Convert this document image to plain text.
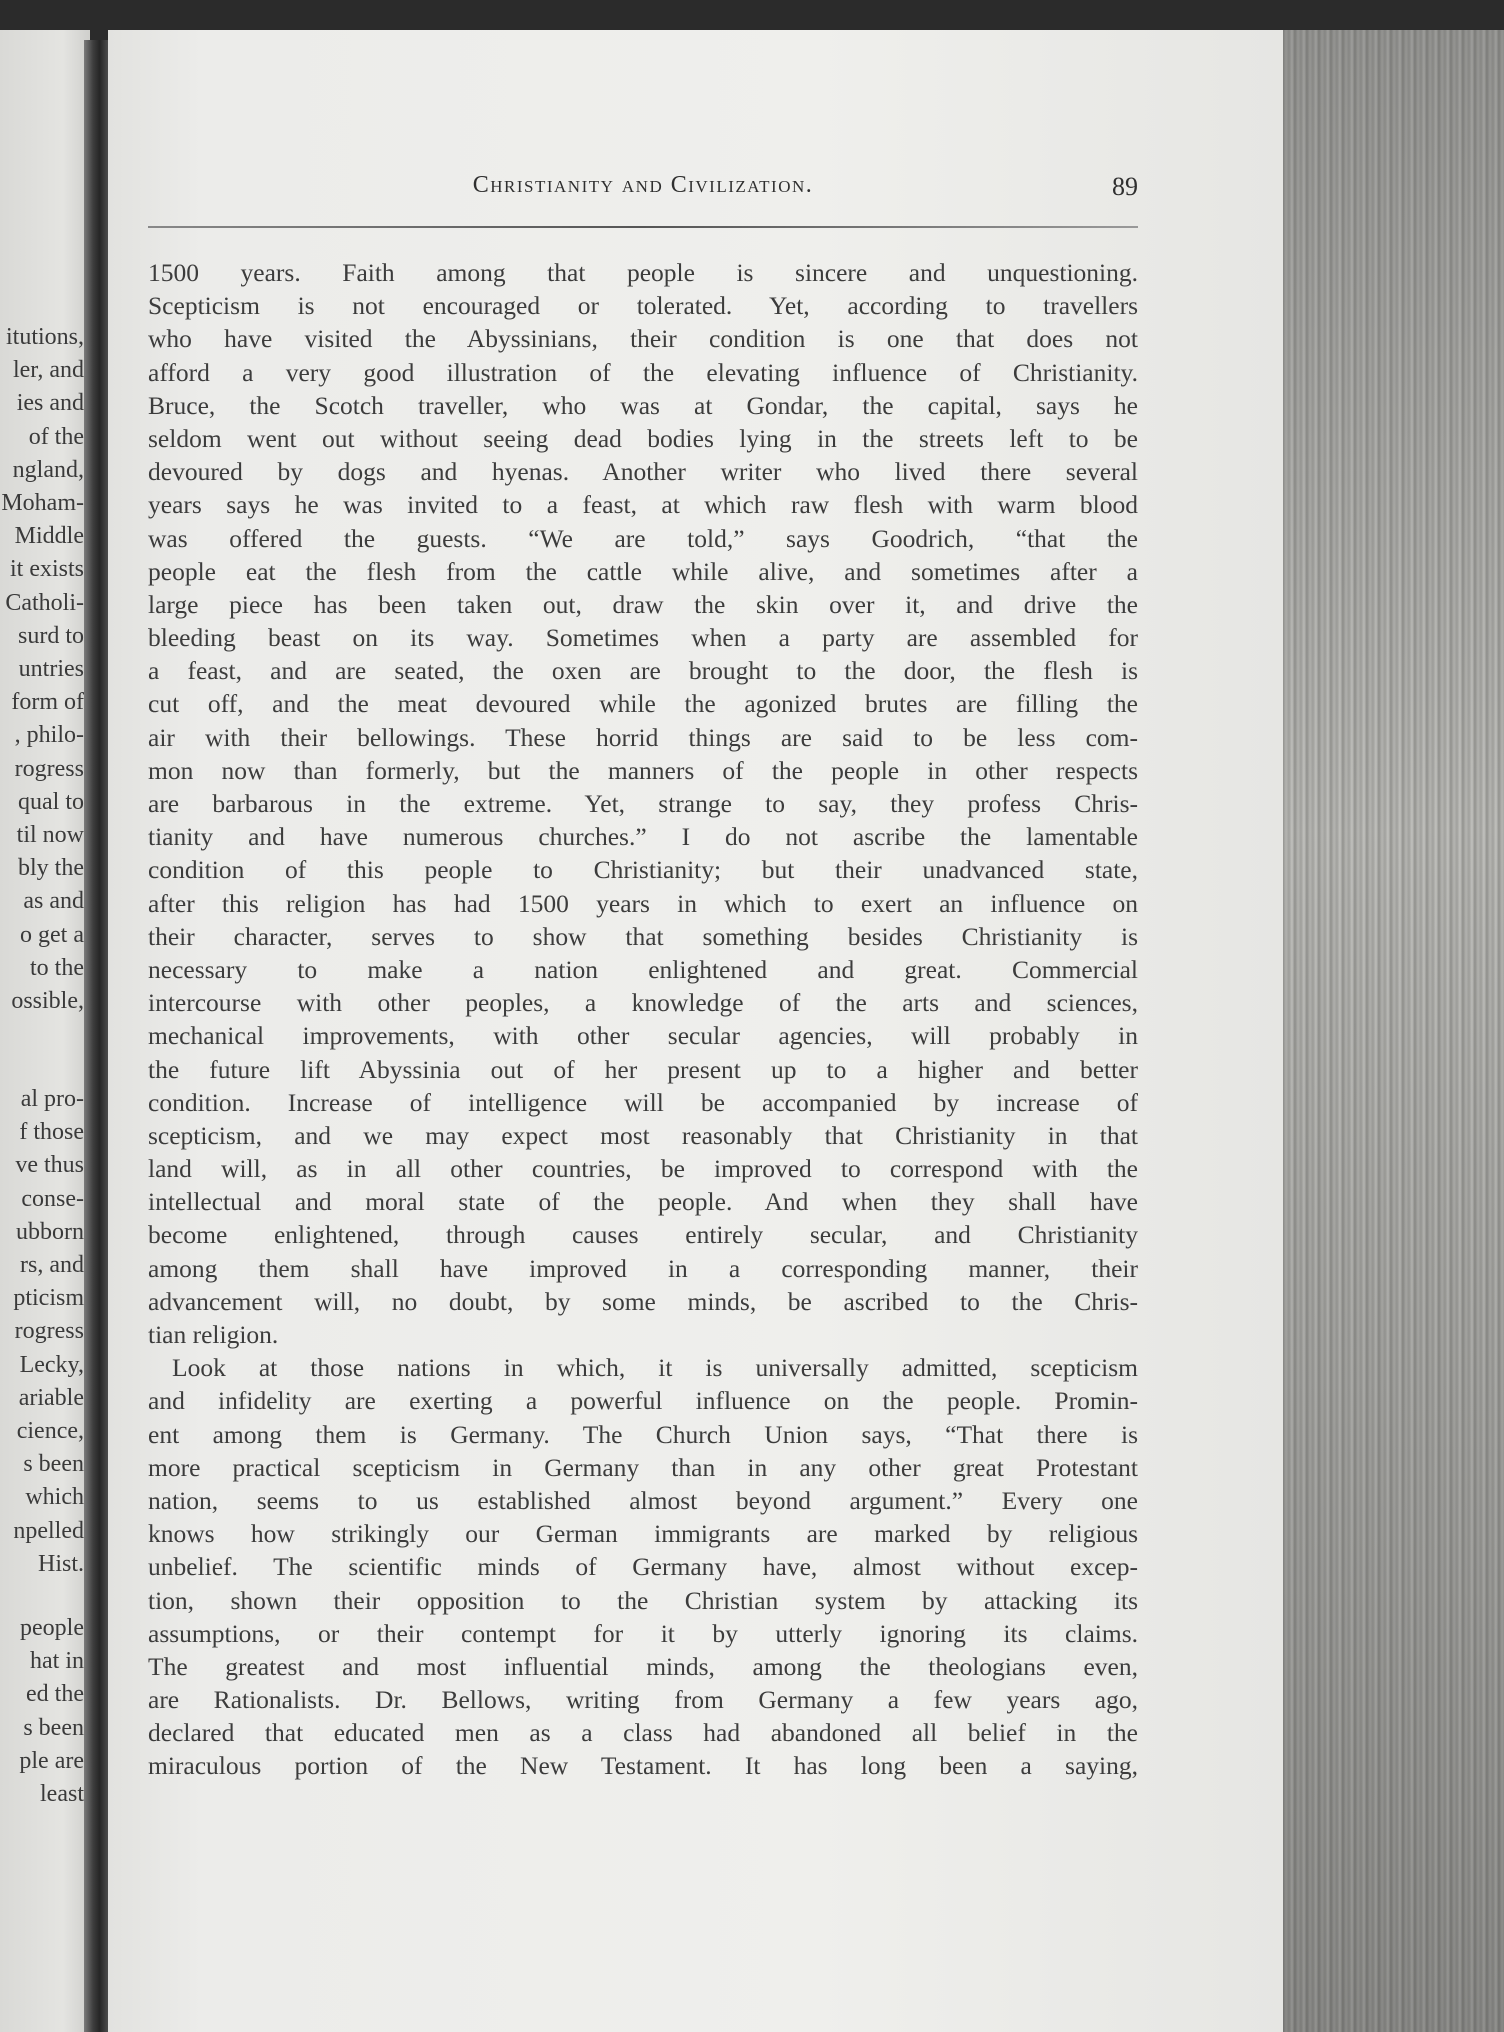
itutions,
ler, and
ies and
of the
ngland,
Moham-
Middle
it exists
Catholi-
surd to
untries
form of
, philo-
rogress
qual to
til now
bly the
as and
o get a
to the
ossible,
al pro-
f those
ve thus
conse-
ubborn
rs, and
pticism
rogress
Lecky,
ariable
cience,
s been
which
npelled
Hist.
people
hat in
ed the
s been
ple are
least
Christianity and Civilization.	89
1500 years. Faith among that people is sincere and unquestioning.
Scepticism is not encouraged or tolerated. Yet, according to travellers
who have visited the Abyssinians, their condition is one that does not
afford a very good illustration of the elevating influence of Christianity.
Bruce, the Scotch traveller, who was at Gondar, the capital, says he
seldom went out without seeing dead bodies lying in the streets left to be
devoured by dogs and hyenas. Another writer who lived there several
years says he was invited to a feast, at which raw flesh with warm blood
was offered the guests. “We are told,” says Goodrich, “that the
people eat the flesh from the cattle while alive, and sometimes after a
large piece has been taken out, draw the skin over it, and drive the
bleeding beast on its way. Sometimes when a party are assembled for
a feast, and are seated, the oxen are brought to the door, the flesh is
cut off, and the meat devoured while the agonized brutes are filling the
air with their bellowings. These horrid things are said to be less com-
mon now than formerly, but the manners of the people in other respects
are barbarous in the extreme. Yet, strange to say, they profess Chris-
tianity and have numerous churches.” I do not ascribe the lamentable
condition of this people to Christianity; but their unadvanced state,
after this religion has had 1500 years in which to exert an influence on
their character, serves to show that something besides Christianity is
necessary to make a nation enlightened and great. Commercial
intercourse with other peoples, a knowledge of the arts and sciences,
mechanical improvements, with other secular agencies, will probably in
the future lift Abyssinia out of her present up to a higher and better
condition. Increase of intelligence will be accompanied by increase of
scepticism, and we may expect most reasonably that Christianity in that
land will, as in all other countries, be improved to correspond with the
intellectual and moral state of the people. And when they shall have
become enlightened, through causes entirely secular, and Christianity
among them shall have improved in a corresponding manner, their
advancement will, no doubt, by some minds, be ascribed to the Chris-
tian religion.
Look at those nations in which, it is universally admitted, scepticism
and infidelity are exerting a powerful influence on the people. Promin-
ent among them is Germany. The Church Union says, “That there is
more practical scepticism in Germany than in any other great Protestant
nation, seems to us established almost beyond argument.” Every one
knows how strikingly our German immigrants are marked by religious
unbelief. The scientific minds of Germany have, almost without excep-
tion, shown their opposition to the Christian system by attacking its
assumptions, or their contempt for it by utterly ignoring its claims.
The greatest and most influential minds, among the theologians even,
are Rationalists. Dr. Bellows, writing from Germany a few years ago,
declared that educated men as a class had abandoned all belief in the
miraculous portion of the New Testament. It has long been a saying,
